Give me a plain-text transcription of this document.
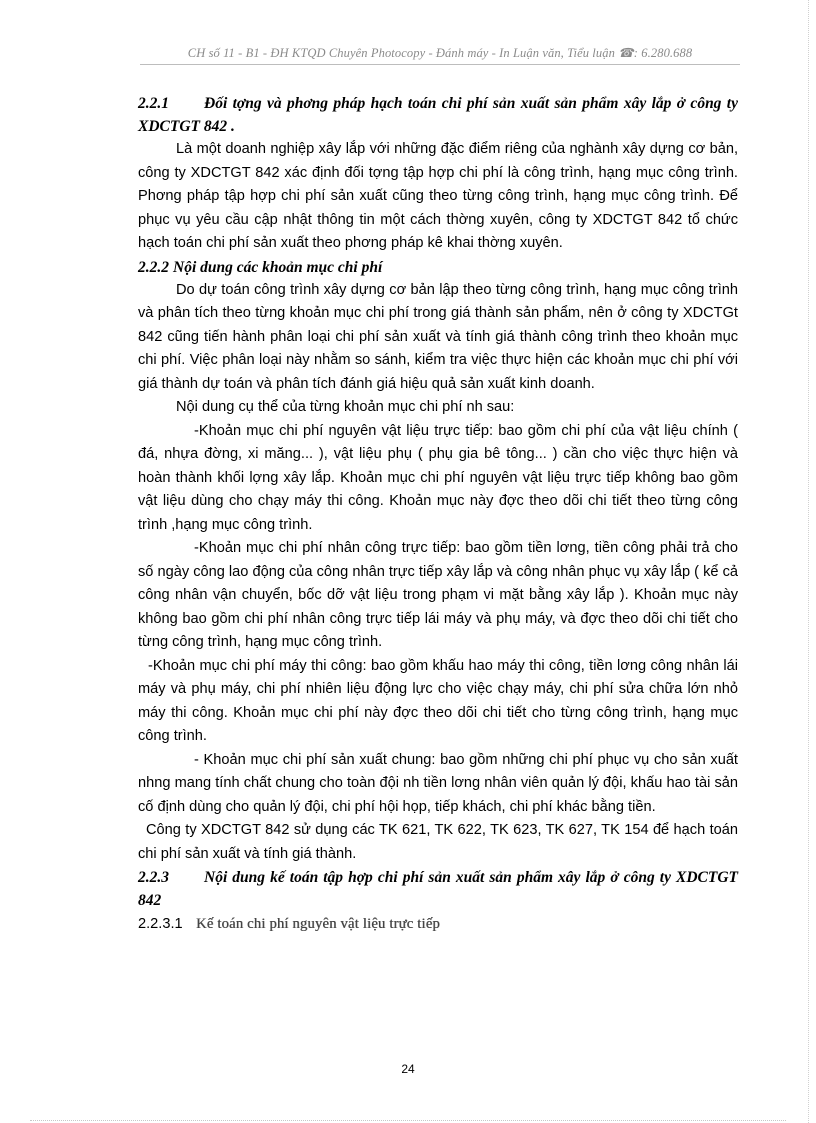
CH số 11 - B1 - ĐH KTQD Chuyên Photocopy - Đánh máy - In Luận văn, Tiểu luận ☎: 6.280.688

2.2.1 Đối tợng và phơng pháp hạch toán chi phí sản xuất sản phẩm xây lắp ở công ty XDCTGT 842 .

Là một doanh nghiệp xây lắp với những đặc điểm riêng của nghành xây dựng cơ bản, công ty XDCTGT 842 xác định đối tợng tập hợp chi phí là công trình, hạng mục công trình. Phơng pháp tập hợp chi phí sản xuất cũng theo từng công trình, hạng mục công trình. Để phục vụ yêu cầu cập nhật thông tin một cách thờng xuyên, công ty XDCTGT 842 tổ chức hạch toán chi phí sản xuất theo phơng pháp kê khai thờng xuyên.

2.2.2 Nội dung các khoản mục chi phí

Do dự toán công trình xây dựng cơ bản lập theo từng công trình, hạng mục công trình và phân tích theo từng khoản mục chi phí trong giá thành sản phẩm, nên ở công ty XDCTGt 842 cũng tiến hành phân loại chi phí sản xuất và tính giá thành công trình theo khoản mục chi phí. Việc phân loại này nhằm so sánh, kiểm tra việc thực hiện các khoản mục chi phí với giá thành dự toán và phân tích đánh giá hiệu quả sản xuất kinh doanh.

Nội dung cụ thể của từng khoản mục chi phí nh sau:

-Khoản mục chi phí nguyên vật liệu trực tiếp: bao gồm chi phí của vật liệu chính ( đá, nhựa đờng, xi măng... ), vật liệu phụ ( phụ gia bê tông... ) cần cho việc thực hiện và hoàn thành khối lợng xây lắp. Khoản mục chi phí nguyên vật liệu trực tiếp không bao gồm vật liệu dùng cho chạy máy thi công. Khoản mục này đợc theo dõi chi tiết theo từng công trình ,hạng mục công trình.

-Khoản mục chi phí nhân công trực tiếp: bao gồm tiền lơng, tiền công phải trả cho số ngày công lao động của công nhân trực tiếp xây lắp và công nhân phục vụ xây lắp ( kể cả công nhân vận chuyển, bốc dỡ vật liệu trong phạm vi mặt bằng xây lắp ). Khoản mục này không bao gồm chi phí nhân công trực tiếp lái máy và phụ máy, và đợc theo dõi chi tiết cho từng công trình, hạng mục công trình.

-Khoản mục chi phí máy thi công: bao gồm khấu hao máy thi công, tiền lơng công nhân lái máy và phụ máy, chi phí nhiên liệu động lực cho việc chạy máy, chi phí sửa chữa lớn nhỏ máy thi công. Khoản mục chi phí này đợc theo dõi chi tiết cho từng công trình, hạng mục công trình.

- Khoản mục chi phí sản xuất chung: bao gồm những chi phí phục vụ cho sản xuất nhng mang tính chất chung cho toàn đội nh tiền lơng nhân viên quản lý đội, khấu hao tài sản cố định dùng cho quản lý đội, chi phí hội họp, tiếp khách, chi phí khác bằng tiền.

Công ty XDCTGT 842 sử dụng các TK 621, TK 622, TK 623, TK 627, TK 154 để hạch toán chi phí sản xuất và tính giá thành.

2.2.3 Nội dung kế toán tập hợp chi phí sản xuất sản phẩm xây lắp ở công ty XDCTGT 842

2.2.3.1 Kế toán chi phí nguyên vật liệu trực tiếp

24
